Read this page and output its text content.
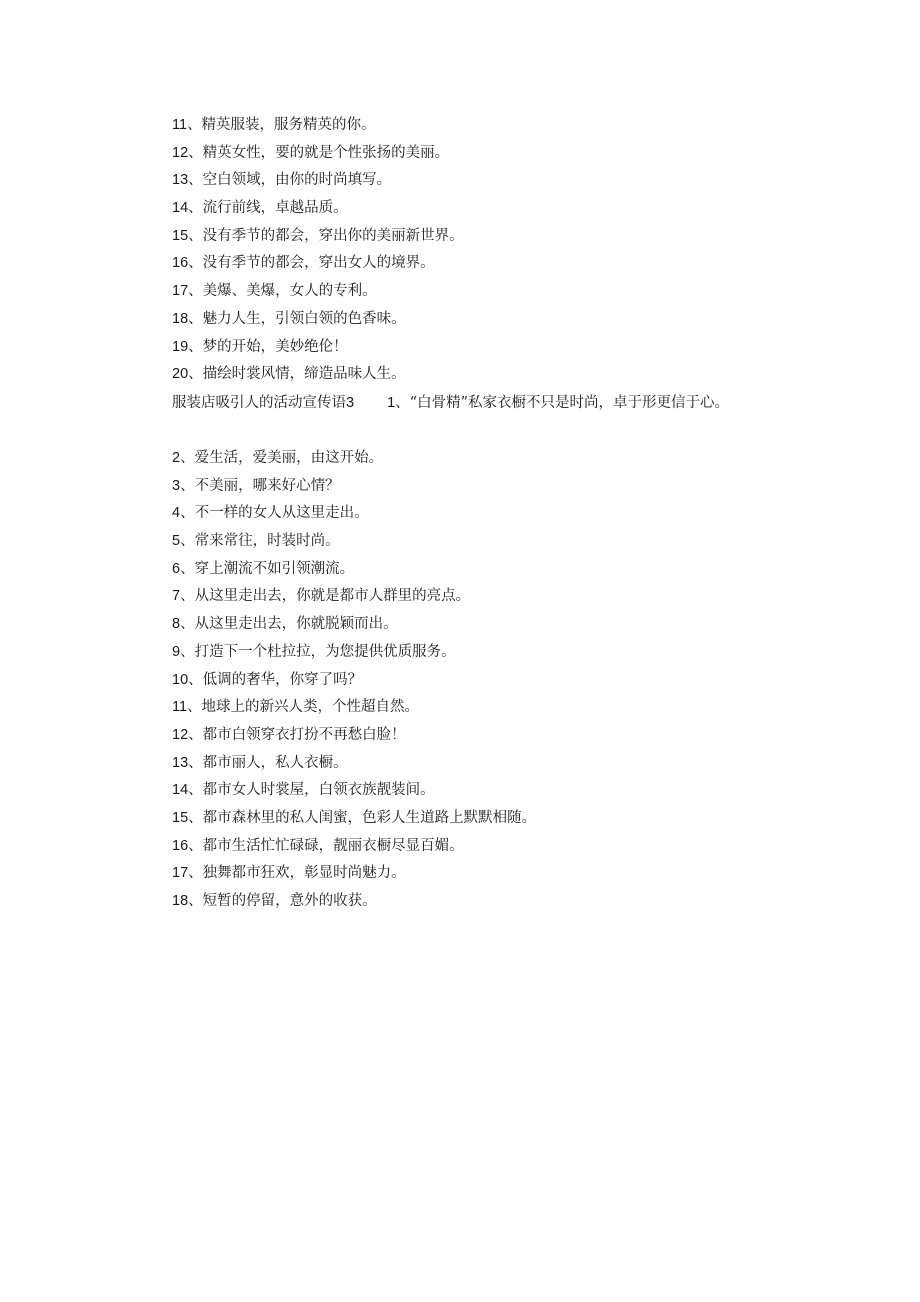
11、精英服装，服务精英的你。
12、精英女性，要的就是个性张扬的美丽。
13、空白领域，由你的时尚填写。
14、流行前线，卓越品质。
15、没有季节的都会，穿出你的美丽新世界。
16、没有季节的都会，穿出女人的境界。
17、美爆、美爆，女人的专利。
18、魅力人生，引领白领的色香味。
19、梦的开始，美妙绝伦！
20、描绘时裳风情，缔造品味人生。
服装店吸引人的活动宣传语3 1、“白骨精”私家衣橱不只是时尚，卓于形更信于心。
2、爱生活，爱美丽，由这开始。
3、不美丽，哪来好心情？
4、不一样的女人从这里走出。
5、常来常往，时装时尚。
6、穿上潮流不如引领潮流。
7、从这里走出去，你就是都市人群里的亮点。
8、从这里走出去，你就脱颖而出。
9、打造下一个杜拉拉，为您提供优质服务。
10、低调的奢华，你穿了吗？
11、地球上的新兴人类，个性超自然。
12、都市白领穿衣打扮不再愁白脸！
13、都市丽人，私人衣橱。
14、都市女人时裳屋，白领衣族靓装间。
15、都市森林里的私人闺蜜，色彩人生道路上默默相随。
16、都市生活忙忙碌碌，靓丽衣橱尽显百媚。
17、独舞都市狂欢，彰显时尚魅力。
18、短暂的停留，意外的收获。
